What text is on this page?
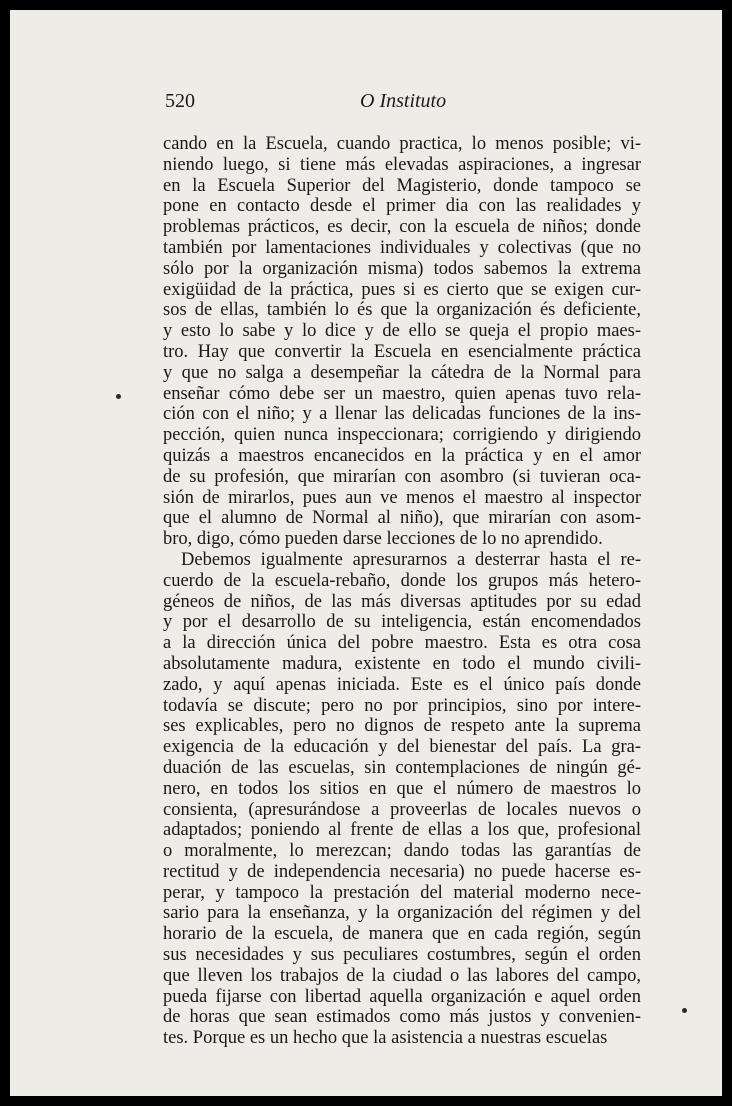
520	O Instituto
cando en la Escuela, cuando practica, lo menos posible; vi-
niendo luego, si tiene más elevadas aspiraciones, a ingresar
en la Escuela Superior del Magisterio, donde tampoco se
pone en contacto desde el primer dia con las realidades y
problemas prácticos, es decir, con la escuela de niños; donde
también por lamentaciones individuales y colectivas (que no
sólo por la organización misma) todos sabemos la extrema
exigüidad de la práctica, pues si es cierto que se exigen cur-
sos de ellas, también lo és que la organización és deficiente,
y esto lo sabe y lo dice y de ello se queja el propio maes-
tro. Hay que convertir la Escuela en esencialmente práctica
y que no salga a desempeñar la cátedra de la Normal para
enseñar cómo debe ser un maestro, quien apenas tuvo rela-
ción con el niño; y a llenar las delicadas funciones de la ins-
pección, quien nunca inspeccionara; corrigiendo y dirigiendo
quizás a maestros encanecidos en la práctica y en el amor
de su profesión, que mirarían con asombro (si tuvieran oca-
sión de mirarlos, pues aun ve menos el maestro al inspector
que el alumno de Normal al niño), que mirarían con asom-
bro, digo, cómo pueden darse lecciones de lo no aprendido.
Debemos igualmente apresurarnos a desterrar hasta el re-
cuerdo de la escuela-rebaño, donde los grupos más hetero-
géneos de niños, de las más diversas aptitudes por su edad
y por el desarrollo de su inteligencia, están encomendados
a la dirección única del pobre maestro. Esta es otra cosa
absolutamente madura, existente en todo el mundo civili-
zado, y aquí apenas iniciada. Este es el único país donde
todavía se discute; pero no por principios, sino por intere-
ses explicables, pero no dignos de respeto ante la suprema
exigencia de la educación y del bienestar del país. La gra-
duación de las escuelas, sin contemplaciones de ningún gé-
nero, en todos los sitios en que el número de maestros lo
consienta, (apresurándose a proveerlas de locales nuevos o
adaptados; poniendo al frente de ellas a los que, profesional
o moralmente, lo merezcan; dando todas las garantías de
rectitud y de independencia necesaria) no puede hacerse es-
perar, y tampoco la prestación del material moderno nece-
sario para la enseñanza, y la organización del régimen y del
horario de la escuela, de manera que en cada región, según
sus necesidades y sus peculiares costumbres, según el orden
que lleven los trabajos de la ciudad o las labores del campo,
pueda fijarse con libertad aquella organización e aquel orden
de horas que sean estimados como más justos y convenien-
tes. Porque es un hecho que la asistencia a nuestras escuelas
